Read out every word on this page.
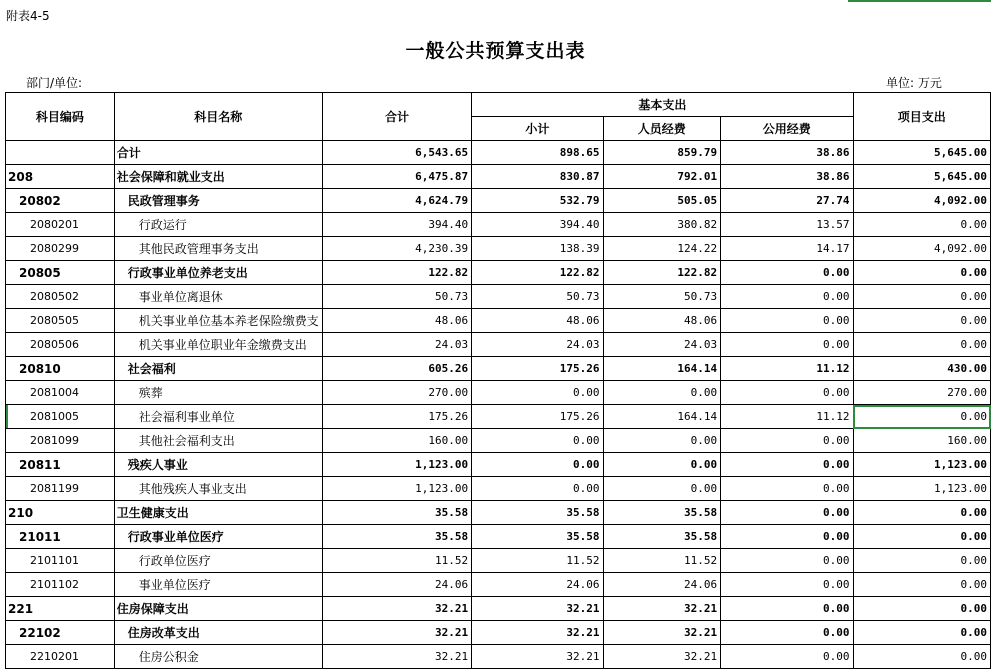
附表4-5
一般公共预算支出表
部门/单位:	单位: 万元
科目编码	科目名称	合计	基本支出			项目支出
			小计	人员经费	公用经费	
	合计	6,543.65	898.65	859.79	38.86	5,645.00
208	社会保障和就业支出	6,475.87	830.87	792.01	38.86	5,645.00
20802	民政管理事务	4,624.79	532.79	505.05	27.74	4,092.00
2080201	行政运行	394.40	394.40	380.82	13.57	0.00
2080299	其他民政管理事务支出	4,230.39	138.39	124.22	14.17	4,092.00
20805	行政事业单位养老支出	122.82	122.82	122.82	0.00	0.00
2080502	事业单位离退休	50.73	50.73	50.73	0.00	0.00
2080505	机关事业单位基本养老保险缴费支	48.06	48.06	48.06	0.00	0.00
2080506	机关事业单位职业年金缴费支出	24.03	24.03	24.03	0.00	0.00
20810	社会福利	605.26	175.26	164.14	11.12	430.00
2081004	殡葬	270.00	0.00	0.00	0.00	270.00
2081005	社会福利事业单位	175.26	175.26	164.14	11.12	0.00
2081099	其他社会福利支出	160.00	0.00	0.00	0.00	160.00
20811	残疾人事业	1,123.00	0.00	0.00	0.00	1,123.00
2081199	其他残疾人事业支出	1,123.00	0.00	0.00	0.00	1,123.00
210	卫生健康支出	35.58	35.58	35.58	0.00	0.00
21011	行政事业单位医疗	35.58	35.58	35.58	0.00	0.00
2101101	行政单位医疗	11.52	11.52	11.52	0.00	0.00
2101102	事业单位医疗	24.06	24.06	24.06	0.00	0.00
221	住房保障支出	32.21	32.21	32.21	0.00	0.00
22102	住房改革支出	32.21	32.21	32.21	0.00	0.00
2210201	住房公积金	32.21	32.21	32.21	0.00	0.00
